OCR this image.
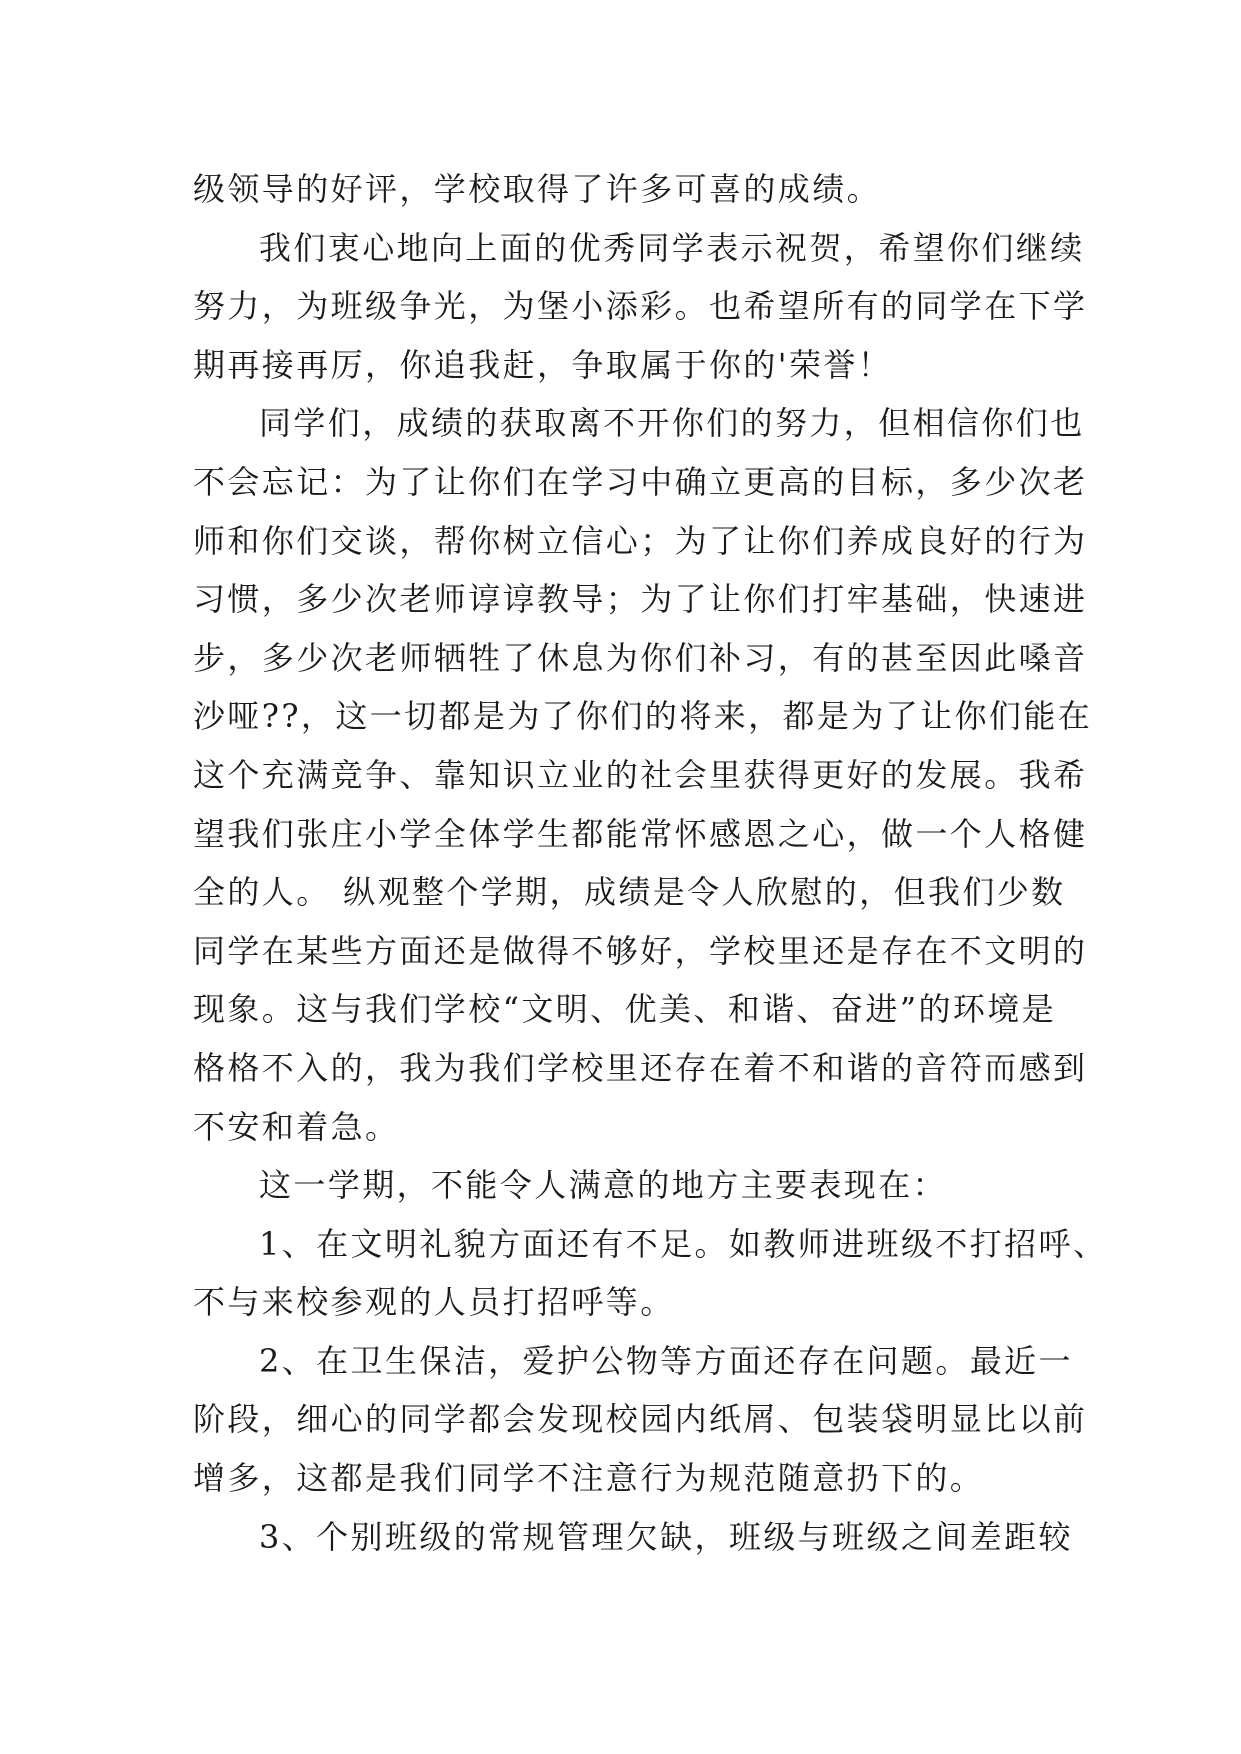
级领导的好评，学校取得了许多可喜的成绩。
我们衷心地向上面的优秀同学表示祝贺，希望你们继续
努力，为班级争光，为堡小添彩。也希望所有的同学在下学
期再接再厉，你追我赶，争取属于你的'荣誉！
同学们，成绩的获取离不开你们的努力，但相信你们也
不会忘记：为了让你们在学习中确立更高的目标，多少次老
师和你们交谈，帮你树立信心；为了让你们养成良好的行为
习惯，多少次老师谆谆教导；为了让你们打牢基础，快速进
步，多少次老师牺牲了休息为你们补习，有的甚至因此嗓音
沙哑??，这一切都是为了你们的将来，都是为了让你们能在
这个充满竞争、靠知识立业的社会里获得更好的发展。我希
望我们张庄小学全体学生都能常怀感恩之心，做一个人格健
全的人。 纵观整个学期，成绩是令人欣慰的，但我们少数
同学在某些方面还是做得不够好，学校里还是存在不文明的
现象。这与我们学校“文明、优美、和谐、奋进”的环境是
格格不入的，我为我们学校里还存在着不和谐的音符而感到
不安和着急。
这一学期，不能令人满意的地方主要表现在：
1、在文明礼貌方面还有不足。如教师进班级不打招呼、
不与来校参观的人员打招呼等。
2、在卫生保洁，爱护公物等方面还存在问题。最近一
阶段，细心的同学都会发现校园内纸屑、包装袋明显比以前
增多，这都是我们同学不注意行为规范随意扔下的。
3、个别班级的常规管理欠缺，班级与班级之间差距较
